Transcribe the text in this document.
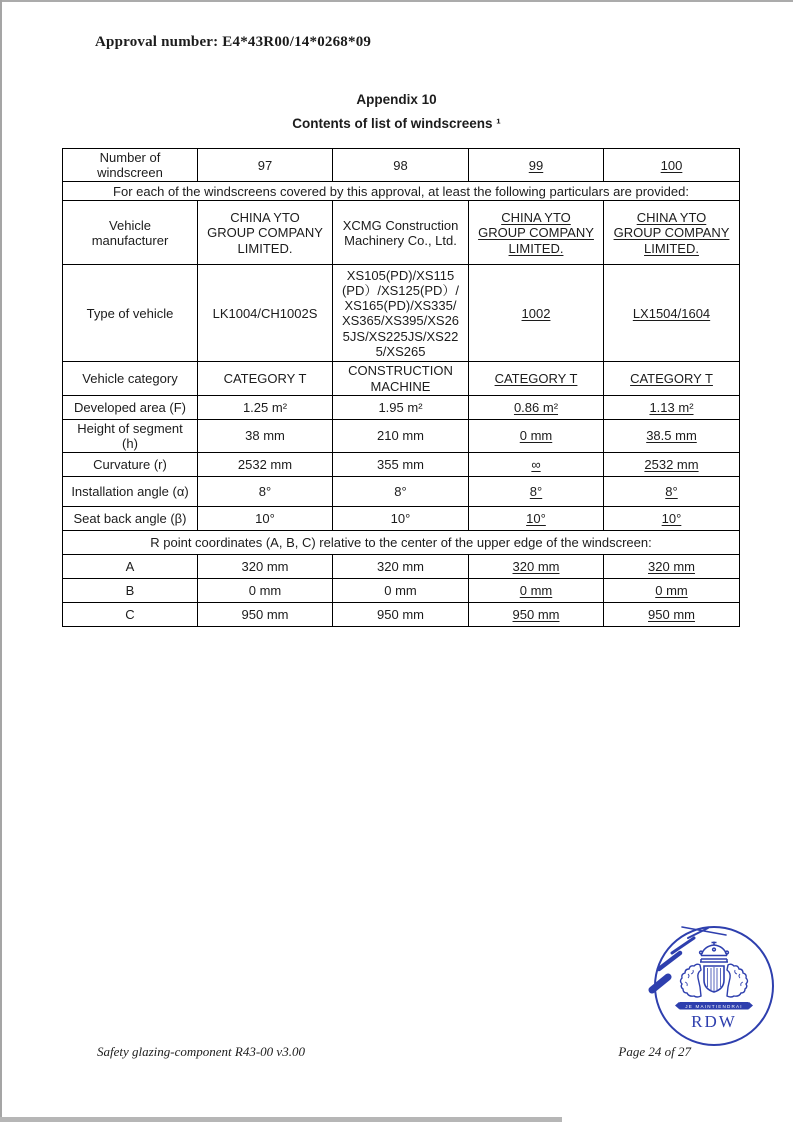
Approval number: E4*43R00/14*0268*09
Appendix 10
Contents of list of windscreens ¹
Number of windscreen	97	98	99	100
For each of the windscreens covered by this approval, at least the following particulars are provided:				
Vehicle manufacturer	CHINA YTO GROUP COMPANY LIMITED.	XCMG Construction Machinery Co., Ltd.	CHINA YTO GROUP COMPANY LIMITED.	CHINA YTO GROUP COMPANY LIMITED.
Type of vehicle	LK1004/CH1002S	XS105(PD)/XS115(PD）/XS125(PD）/XS165(PD)/XS335/XS365/XS395/XS265JS/XS225JS/XS225/XS265	1002	LX1504/1604
Vehicle category	CATEGORY T	CONSTRUCTION MACHINE	CATEGORY T	CATEGORY T
Developed area (F)	1.25 m²	1.95 m²	0.86 m²	1.13 m²
Height of segment (h)	38 mm	210 mm	0 mm	38.5 mm
Curvature (r)	2532 mm	355 mm	∞	2532 mm
Installation angle (α)	8°	8°	8°	8°
Seat back angle (β)	10°	10°	10°	10°
R point coordinates (A, B, C) relative to the center of the upper edge of the windscreen:				
A	320 mm	320 mm	320 mm	320 mm
B	0 mm	0 mm	0 mm	0 mm
C	950 mm	950 mm	950 mm	950 mm
JE MAINTIENDRAI
RDW
Safety glazing-component R43-00 v3.00	Page 24 of 27
